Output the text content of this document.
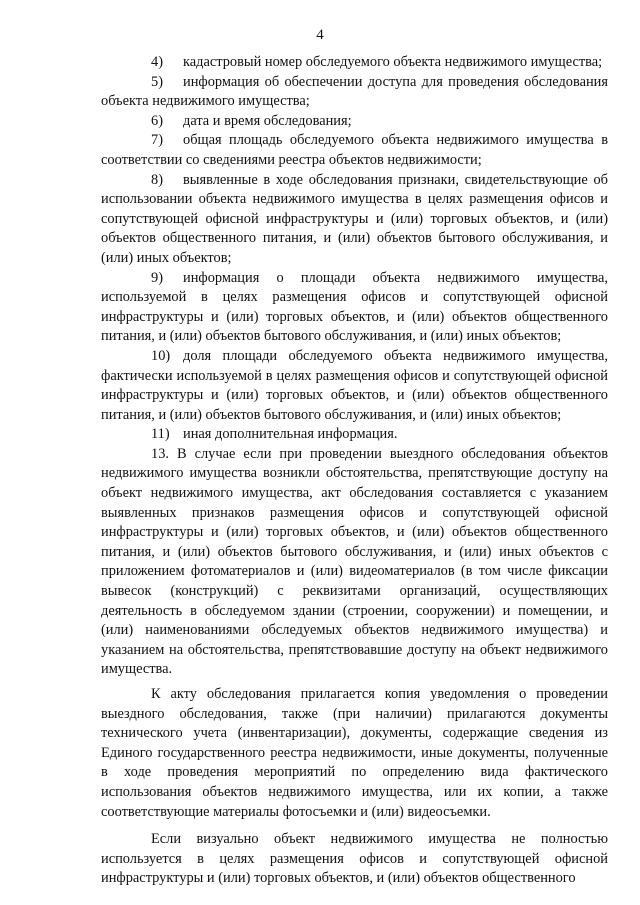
4

4) кадастровый номер обследуемого объекта недвижимого имущества;

5) информация об обеспечении доступа для проведения обследования объекта недвижимого имущества;

6) дата и время обследования;

7) общая площадь обследуемого объекта недвижимого имущества в соответствии со сведениями реестра объектов недвижимости;

8) выявленные в ходе обследования признаки, свидетельствующие об использовании объекта недвижимого имущества в целях размещения офисов и сопутствующей офисной инфраструктуры и (или) торговых объектов, и (или) объектов общественного питания, и (или) объектов бытового обслуживания, и (или) иных объектов;

9) информация о площади объекта недвижимого имущества, используемой в целях размещения офисов и сопутствующей офисной инфраструктуры и (или) торговых объектов, и (или) объектов общественного питания, и (или) объектов бытового обслуживания, и (или) иных объектов;

10) доля площади обследуемого объекта недвижимого имущества, фактически используемой в целях размещения офисов и сопутствующей офисной инфраструктуры и (или) торговых объектов, и (или) объектов общественного питания, и (или) объектов бытового обслуживания, и (или) иных объектов;

11) иная дополнительная информация.

13. В случае если при проведении выездного обследования объектов недвижимого имущества возникли обстоятельства, препятствующие доступу на объект недвижимого имущества, акт обследования составляется с указанием выявленных признаков размещения офисов и сопутствующей офисной инфраструктуры и (или) торговых объектов, и (или) объектов общественного питания, и (или) объектов бытового обслуживания, и (или) иных объектов с приложением фотоматериалов и (или) видеоматериалов (в том числе фиксации вывесок (конструкций) с реквизитами организаций, осуществляющих деятельность в обследуемом здании (строении, сооружении) и помещении, и (или) наименованиями обследуемых объектов недвижимого имущества) и указанием на обстоятельства, препятствовавшие доступу на объект недвижимого имущества.

К акту обследования прилагается копия уведомления о проведении выездного обследования, также (при наличии) прилагаются документы технического учета (инвентаризации), документы, содержащие сведения из Единого государственного реестра недвижимости, иные документы, полученные в ходе проведения мероприятий по определению вида фактического использования объектов недвижимого имущества, или их копии, а также соответствующие материалы фотосъемки и (или) видеосъемки.

Если визуально объект недвижимого имущества не полностью используется в целях размещения офисов и сопутствующей офисной инфраструктуры и (или) торговых объектов, и (или) объектов общественного
